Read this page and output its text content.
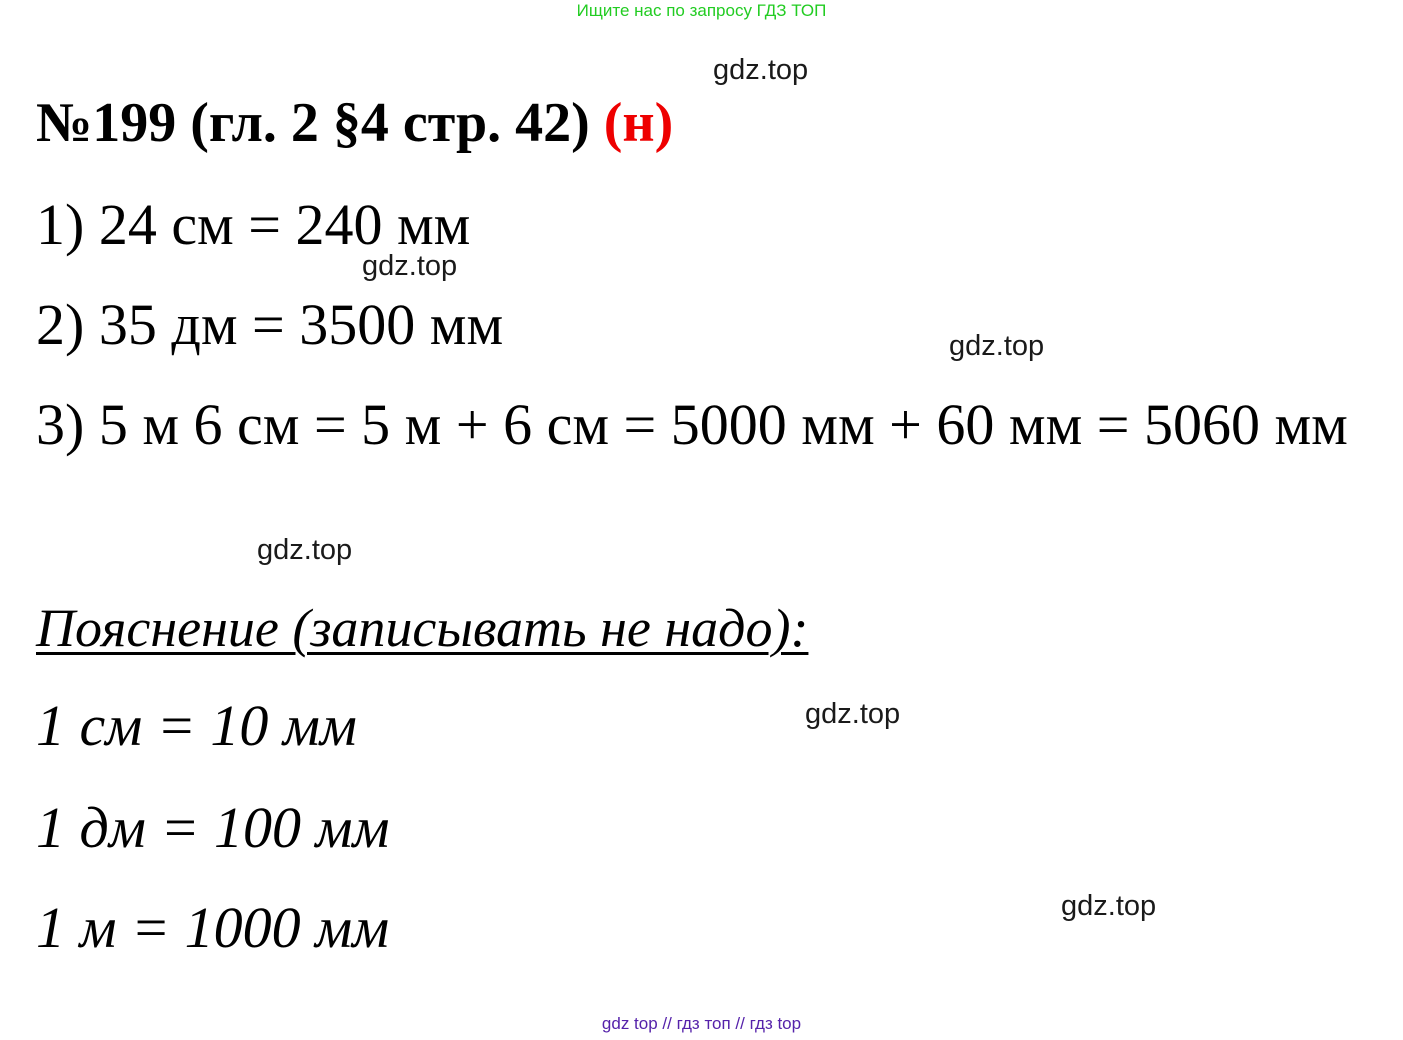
Ищите нас по запросу ГДЗ ТОП
№199 (гл. 2 §4 стр. 42) (н)
1) 24 см = 240 мм
2) 35 дм = 3500 мм
3) 5 м 6 см = 5 м + 6 см = 5000 мм + 60 мм = 5060 мм
Пояснение (записывать не надо):
1 см = 10 мм
1 дм = 100 мм
1 м = 1000 мм
gdz.top
gdz.top
gdz.top
gdz.top
gdz.top
gdz.top
gdz top // гдз топ // гдз top
